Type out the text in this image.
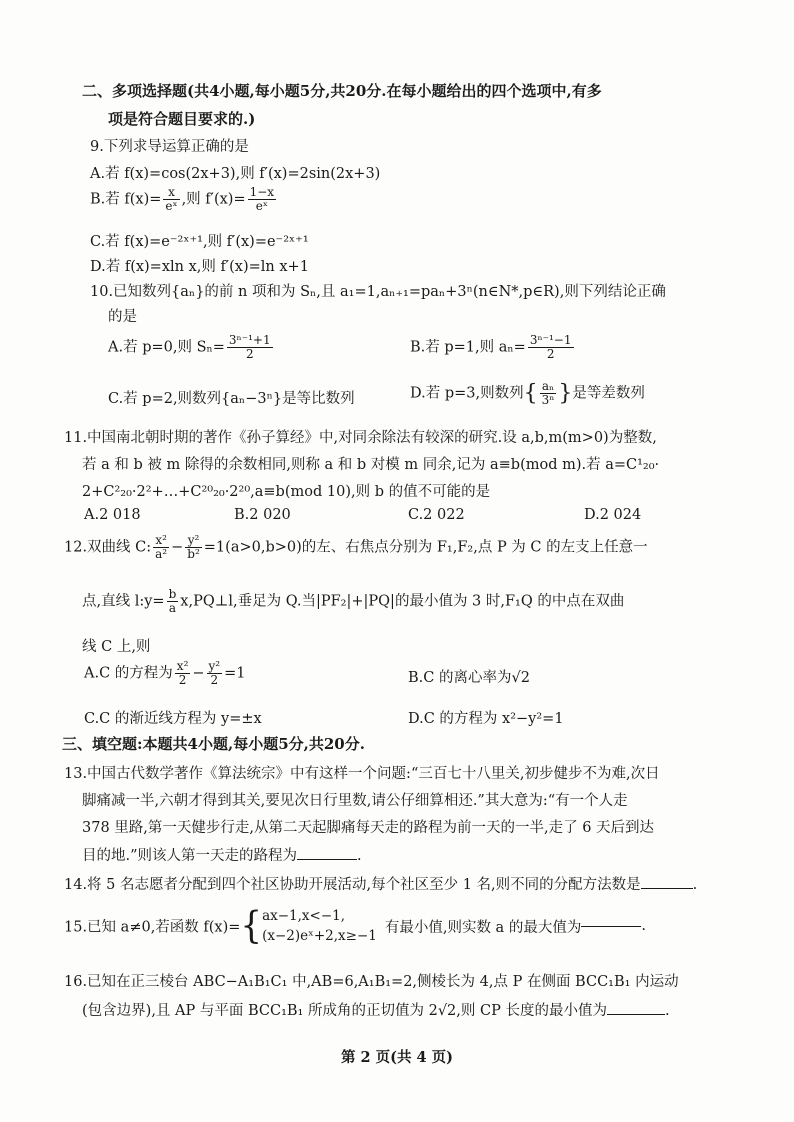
二、多项选择题(共4小题,每小题5分,共20分.在每小题给出的四个选项中,有多
项是符合题目要求的.)
9.下列求导运算正确的是
A.若 f(x)=cos(2x+3),则 f′(x)=2sin(2x+3)
B.若 $f(x)= \frac{x}{\text{eˣ}}$ ,则 $f'(x)= \frac{1-x}{\text{eˣ}}$
C.若 f(x)=e⁻²ˣ⁺¹,则 f′(x)=e⁻²ˣ⁺¹
D.若 f(x)=xln x,则 f′(x)=ln x+1
10.已知数列{aₙ}的前 n 项和为 Sₙ,且 a₁=1,aₙ₊₁=paₙ+3ⁿ(n∈N*,p∈R),则下列结论正确
的是
A.若 p=0,则 $S_n= \frac{\text{3ⁿ⁻¹+1}}{2}$	B.若 p=1,则 $a_n= \frac{\text{3ⁿ⁻¹−1}}{2}$
C.若 p=2,则数列{aₙ−3ⁿ}是等比数列	D.若 p=3,则数列{ $\frac{\text{aₙ}}{\text{3ⁿ}}$ }是等差数列
11.中国南北朝时期的著作《孙子算经》中,对同余除法有较深的研究.设 a,b,m(m>0)为整数,
若 a 和 b 被 m 除得的余数相同,则称 a 和 b 对模 m 同余,记为 a≡b(mod m).若 a=C¹₂₀·
2+C²₂₀·2²+…+C²⁰₂₀·2²⁰,a≡b(mod 10),则 b 的值不可能的是
A.2 018	B.2 020	C.2 022	D.2 024
12.双曲线 C: $\frac{\text{x²}}{\text{a²}} - \frac{\text{y²}}{\text{b²}} =1(a>0,b>0)$的左、右焦点分别为 F₁,F₂,点 P 为 C 的左支上任意一
点,直线 l:y= $\frac{b}{a}$ x,PQ⊥l,垂足为 Q.当|PF₂|+|PQ|的最小值为 3 时,F₁Q 的中点在双曲
线 C 上,则
A.C 的方程为 $\frac{\text{x²}}{2} - \frac{\text{y²}}{2} =1$	B.C 的离心率为√2
C.C 的渐近线方程为 y=±x	D.C 的方程为 x²−y²=1
三、填空题:本题共4小题,每小题5分,共20分.
13.中国古代数学著作《算法统宗》中有这样一个问题:“三百七十八里关,初步健步不为难,次日
脚痛减一半,六朝才得到其关,要见次日行里数,请公仔细算相还.”其大意为:“有一个人走
378 里路,第一天健步行走,从第二天起脚痛每天走的路程为前一天的一半,走了 6 天后到达
目的地.”则该人第一天走的路程为	.
14.将 5 名志愿者分配到四个社区协助开展活动,每个社区至少 1 名,则不同的分配方法数是	.
15.已知 a≠0,若函数 f(x)={ ax−1,x<−1,
(x−2)eˣ+2,x≥−1
有最小值,则实数 a 的最大值为	.
16.已知在正三棱台 ABC−A₁B₁C₁ 中,AB=6,A₁B₁=2,侧棱长为 4,点 P 在侧面 BCC₁B₁ 内运动
(包含边界),且 AP 与平面 BCC₁B₁ 所成角的正切值为 2√2,则 CP 长度的最小值为	.
第 2 页(共 4 页)
